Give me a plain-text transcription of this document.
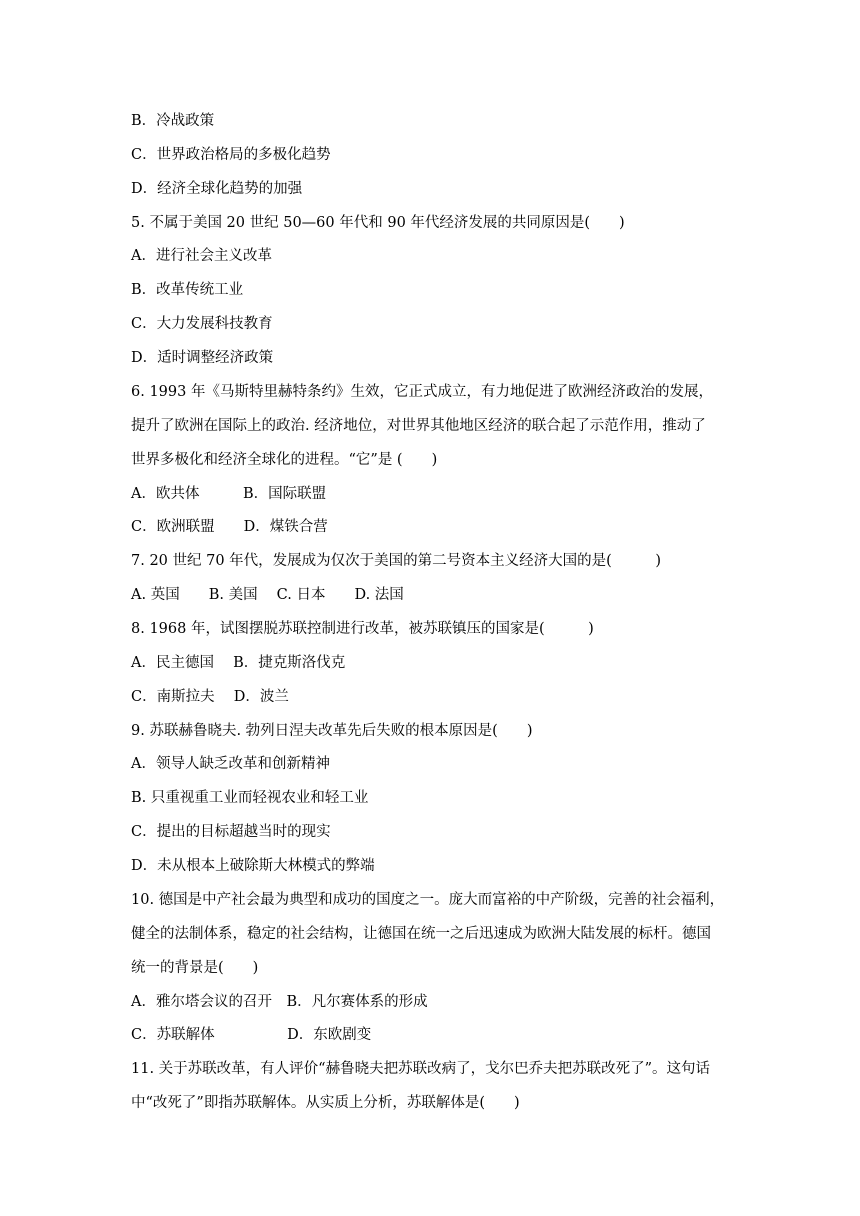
B．冷战政策
C．世界政治格局的多极化趋势
D．经济全球化趋势的加强
5. 不属于美国 20 世纪 50—60 年代和 90 年代经济发展的共同原因是(　　)
A．进行社会主义改革
B．改革传统工业
C．大力发展科技教育
D．适时调整经济政策
6. 1993 年《马斯特里赫特条约》生效，它正式成立，有力地促进了欧洲经济政治的发展，
提升了欧洲在国际上的政治. 经济地位，对世界其他地区经济的联合起了示范作用，推动了
世界多极化和经济全球化的进程。“它”是 (　　)
A．欧共体　　　B．国际联盟
C．欧洲联盟　　D．煤铁合营
7. 20 世纪 70 年代，发展成为仅次于美国的第二号资本主义经济大国的是(　　　)
A. 英国　　B. 美国　 C. 日本　　D. 法国
8. 1968 年，试图摆脱苏联控制进行改革，被苏联镇压的国家是(　　　)
A．民主德国　 B．捷克斯洛伐克
C．南斯拉夫　 D．波兰
9. 苏联赫鲁晓夫. 勃列日涅夫改革先后失败的根本原因是(　　)
A．领导人缺乏改革和创新精神
B. 只重视重工业而轻视农业和轻工业
C．提出的目标超越当时的现实
D．未从根本上破除斯大林模式的弊端
10. 德国是中产社会最为典型和成功的国度之一。庞大而富裕的中产阶级，完善的社会福利，
健全的法制体系，稳定的社会结构，让德国在统一之后迅速成为欧洲大陆发展的标杆。德国
统一的背景是(　　)
A．雅尔塔会议的召开　B．凡尔赛体系的形成
C．苏联解体　　　　　D．东欧剧变
11. 关于苏联改革，有人评价“赫鲁晓夫把苏联改病了，戈尔巴乔夫把苏联改死了”。这句话
中“改死了”即指苏联解体。从实质上分析，苏联解体是(　　)
